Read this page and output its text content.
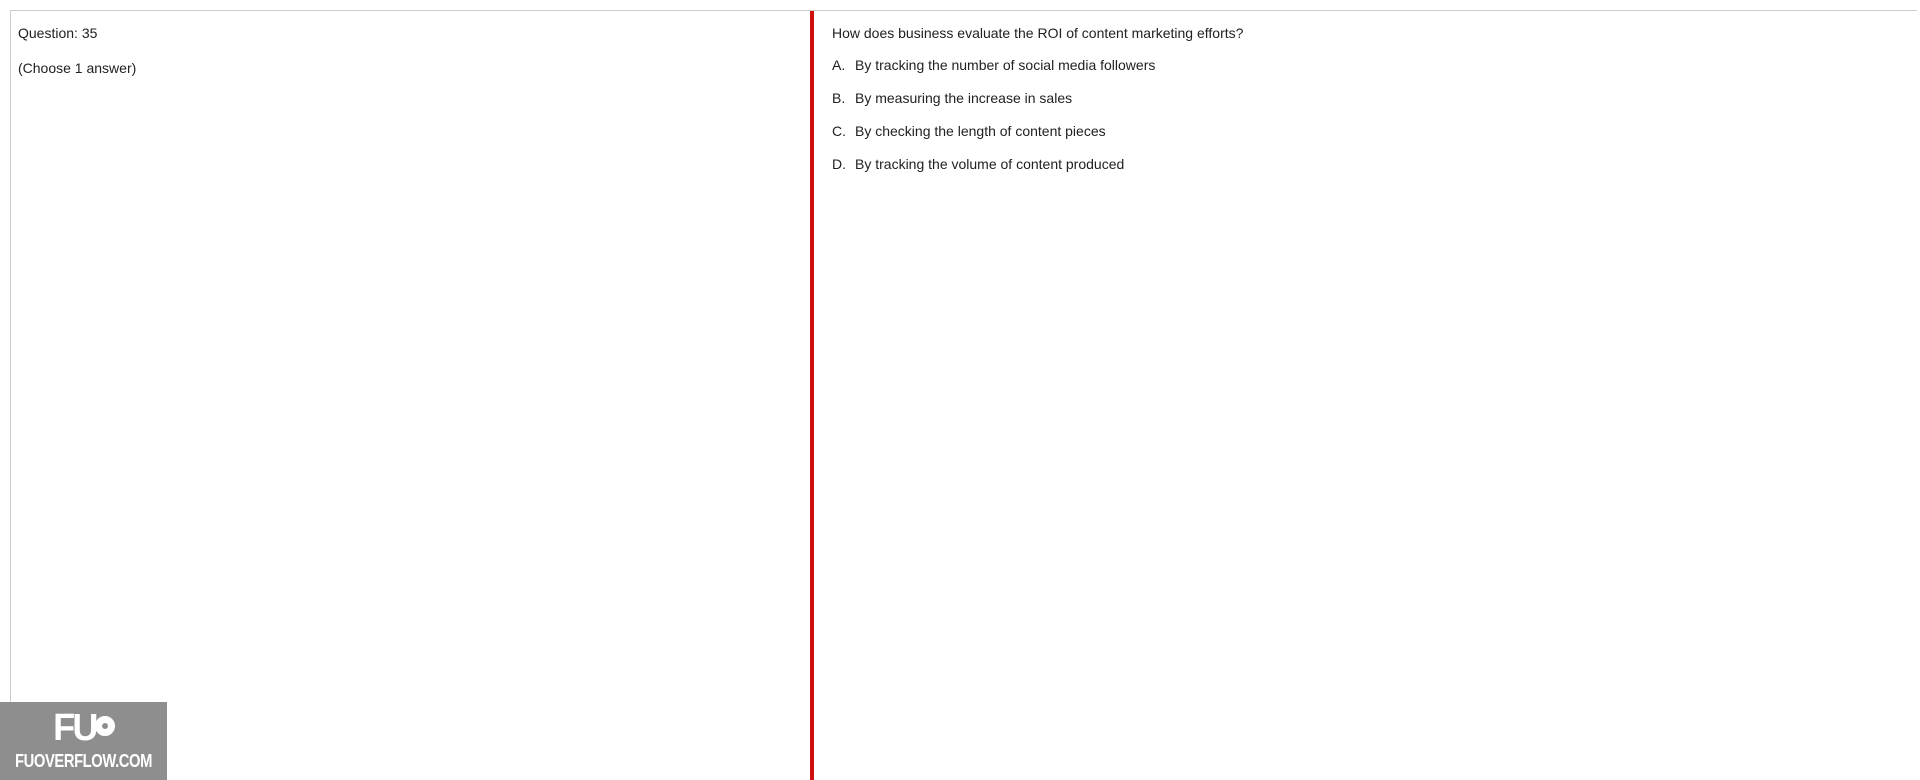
Question: 35
(Choose 1 answer)
How does business evaluate the ROI of content marketing efforts?
A. By tracking the number of social media followers
B. By measuring the increase in sales
C. By checking the length of content pieces
D. By tracking the volume of content produced
FU
FUOVERFLOW.COM
